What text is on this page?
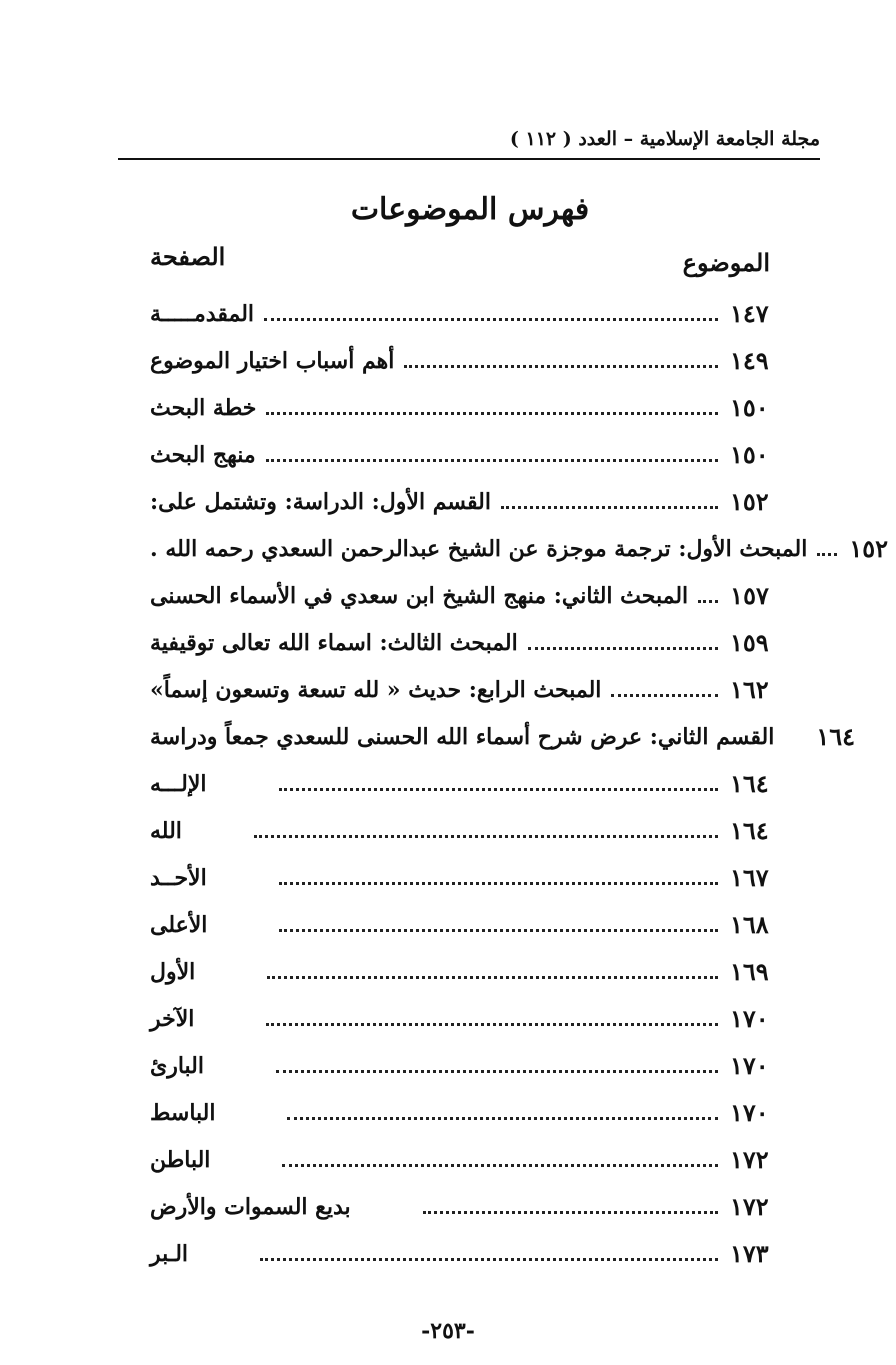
مجلة الجامعة الإسلامية – العدد ( ١١٢ )
فهرس الموضوعات
الموضوع
الصفحة
المقدمـــــة	١٤٧
أهم أسباب اختيار الموضوع	١٤٩
خطة البحث	١٥٠
منهج البحث	١٥٠
القسم الأول: الدراسة: وتشتمل على:	١٥٢
المبحث الأول: ترجمة موجزة عن الشيخ عبدالرحمن السعدي رحمه الله . ١٥٢
المبحث الثاني: منهج الشيخ ابن سعدي في الأسماء الحسنى ١٥٧
المبحث الثالث: اسماء الله تعالى توقيفية	١٥٩
المبحث الرابع: حديث « لله تسعة وتسعون إسماً»	١٦٢
القسم الثاني: عرض شرح أسماء الله الحسنى للسعدي جمعاً ودراسة ١٦٤
الإلـــه	١٦٤
الله	١٦٤
الأحــد	١٦٧
الأعلى	١٦٨
الأول	١٦٩
الآخر	١٧٠
البارئ	١٧٠
الباسط	١٧٠
الباطن	١٧٢
بديع السموات والأرض	١٧٢
الـبر	١٧٣
-٢٥٣-
